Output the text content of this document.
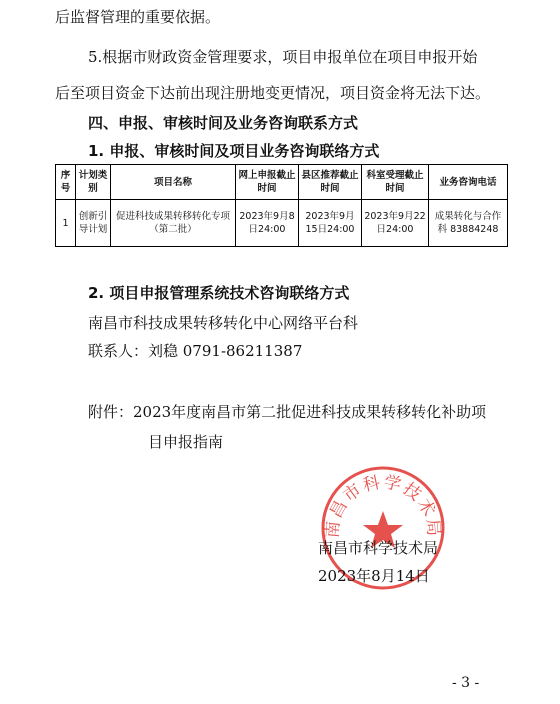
后监督管理的重要依据。
5.根据市财政资金管理要求，项目申报单位在项目申报开始
后至项目资金下达前出现注册地变更情况，项目资金将无法下达。
四、申报、审核时间及业务咨询联系方式
1. 申报、审核时间及项目业务咨询联络方式
序号	计划类别	项目名称	网上申报截止时间	县区推荐截止时间	科室受理截止时间	业务咨询电话
1	创新引导计划	促进科技成果转移转化专项（第二批）	2023年9月8日24:00	2023年9月15日24:00	2023年9月22日24:00	成果转化与合作科 83884248
2. 项目申报管理系统技术咨询联络方式
南昌市科技成果转移转化中心网络平台科
联系人：刘稳 0791-86211387
附件：2023年度南昌市第二批促进科技成果转移转化补助项
目申报指南
南昌市科学技术局
南昌市科学技术局
2023年8月14日
- 3 -
